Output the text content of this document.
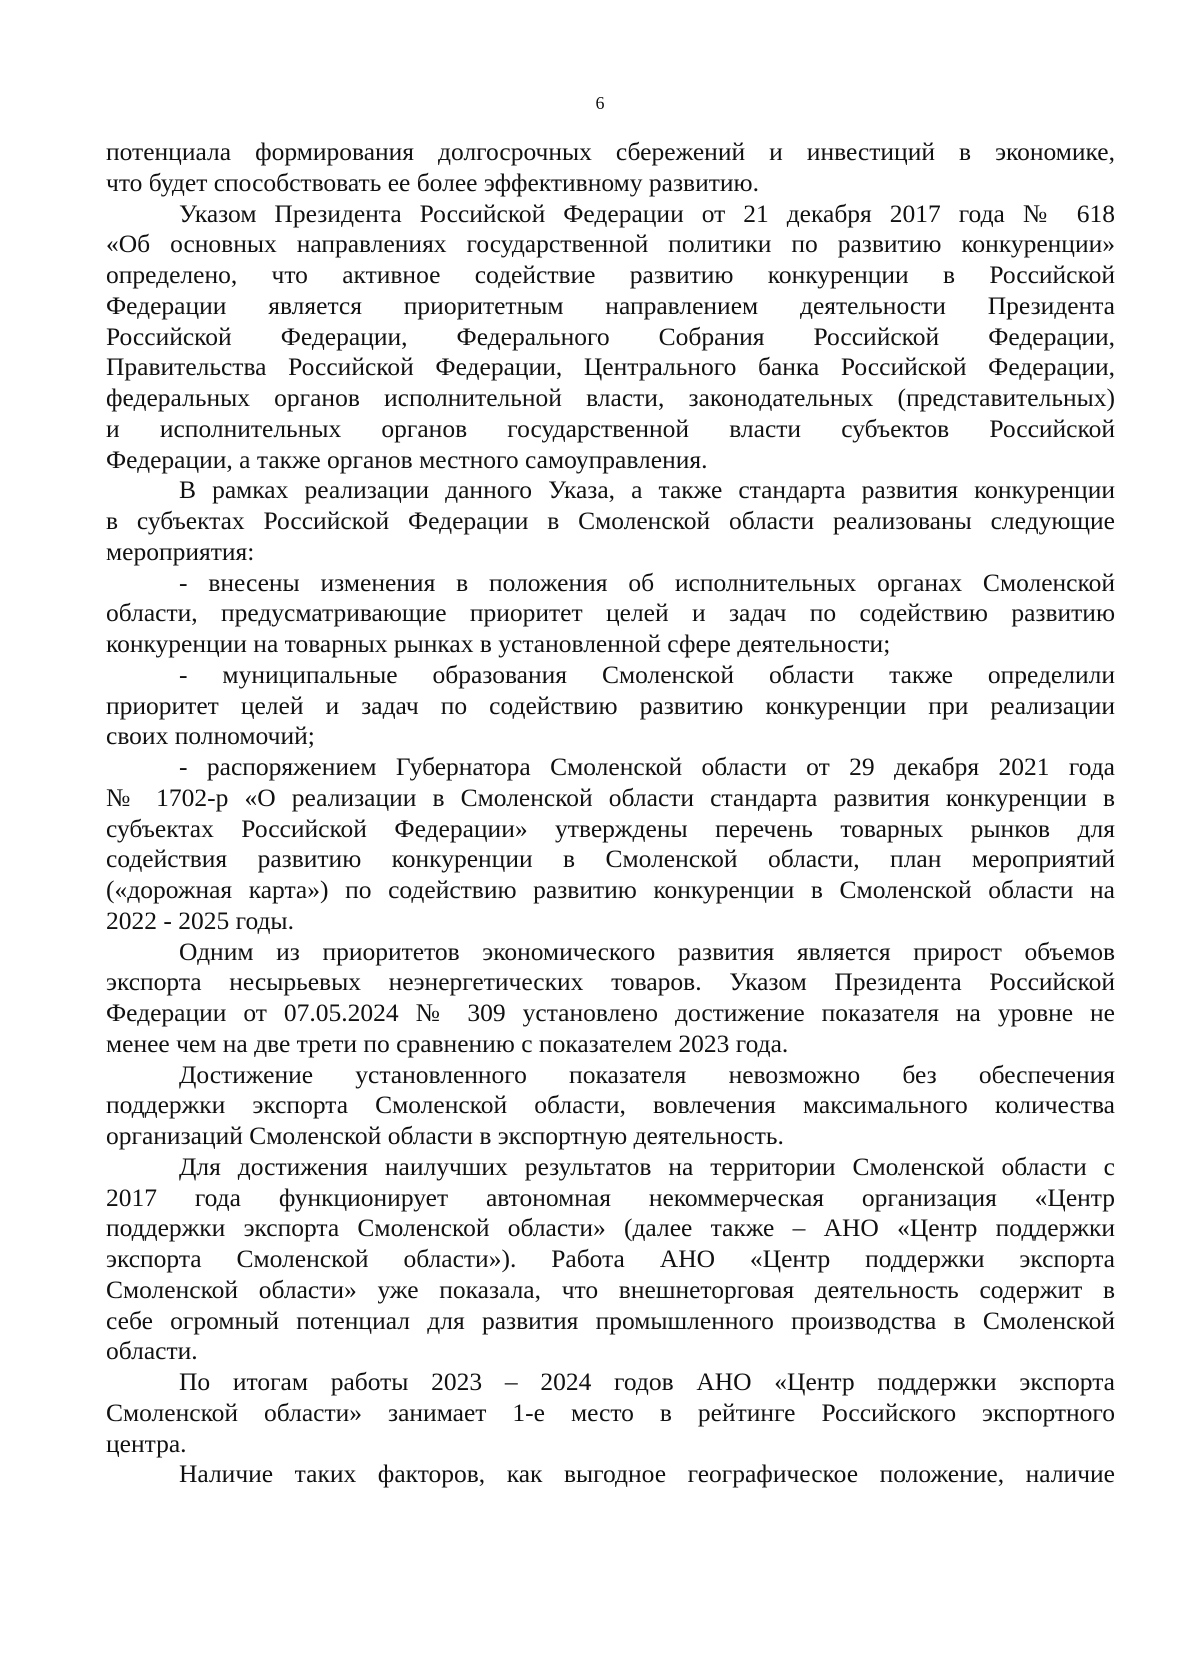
6
потенциала формирования долгосрочных сбережений и инвестиций в экономике,
что будет способствовать ее более эффективному развитию.
Указом Президента Российской Федерации от 21 декабря 2017 года № 618
«Об основных направлениях государственной политики по развитию конкуренции»
определено, что активное содействие развитию конкуренции в Российской
Федерации является приоритетным направлением деятельности Президента
Российской Федерации, Федерального Собрания Российской Федерации,
Правительства Российской Федерации, Центрального банка Российской Федерации,
федеральных органов исполнительной власти, законодательных (представительных)
и исполнительных органов государственной власти субъектов Российской
Федерации, а также органов местного самоуправления.
В рамках реализации данного Указа, а также стандарта развития конкуренции
в субъектах Российской Федерации в Смоленской области реализованы следующие
мероприятия:
- внесены изменения в положения об исполнительных органах Смоленской
области, предусматривающие приоритет целей и задач по содействию развитию
конкуренции на товарных рынках в установленной сфере деятельности;
- муниципальные образования Смоленской области также определили
приоритет целей и задач по содействию развитию конкуренции при реализации
своих полномочий;
- распоряжением Губернатора Смоленской области от 29 декабря 2021 года
№ 1702-р «О реализации в Смоленской области стандарта развития конкуренции в
субъектах Российской Федерации» утверждены перечень товарных рынков для
содействия развитию конкуренции в Смоленской области, план мероприятий
(«дорожная карта») по содействию развитию конкуренции в Смоленской области на
2022 - 2025 годы.
Одним из приоритетов экономического развития является прирост объемов
экспорта несырьевых неэнергетических товаров. Указом Президента Российской
Федерации от 07.05.2024 № 309 установлено достижение показателя на уровне не
менее чем на две трети по сравнению с показателем 2023 года.
Достижение установленного показателя невозможно без обеспечения
поддержки экспорта Смоленской области, вовлечения максимального количества
организаций Смоленской области в экспортную деятельность.
Для достижения наилучших результатов на территории Смоленской области с
2017 года функционирует автономная некоммерческая организация «Центр
поддержки экспорта Смоленской области» (далее также – АНО «Центр поддержки
экспорта Смоленской области»). Работа АНО «Центр поддержки экспорта
Смоленской области» уже показала, что внешнеторговая деятельность содержит в
себе огромный потенциал для развития промышленного производства в Смоленской
области.
По итогам работы 2023 – 2024 годов АНО «Центр поддержки экспорта
Смоленской области» занимает 1-е место в рейтинге Российского экспортного
центра.
Наличие таких факторов, как выгодное географическое положение, наличие
